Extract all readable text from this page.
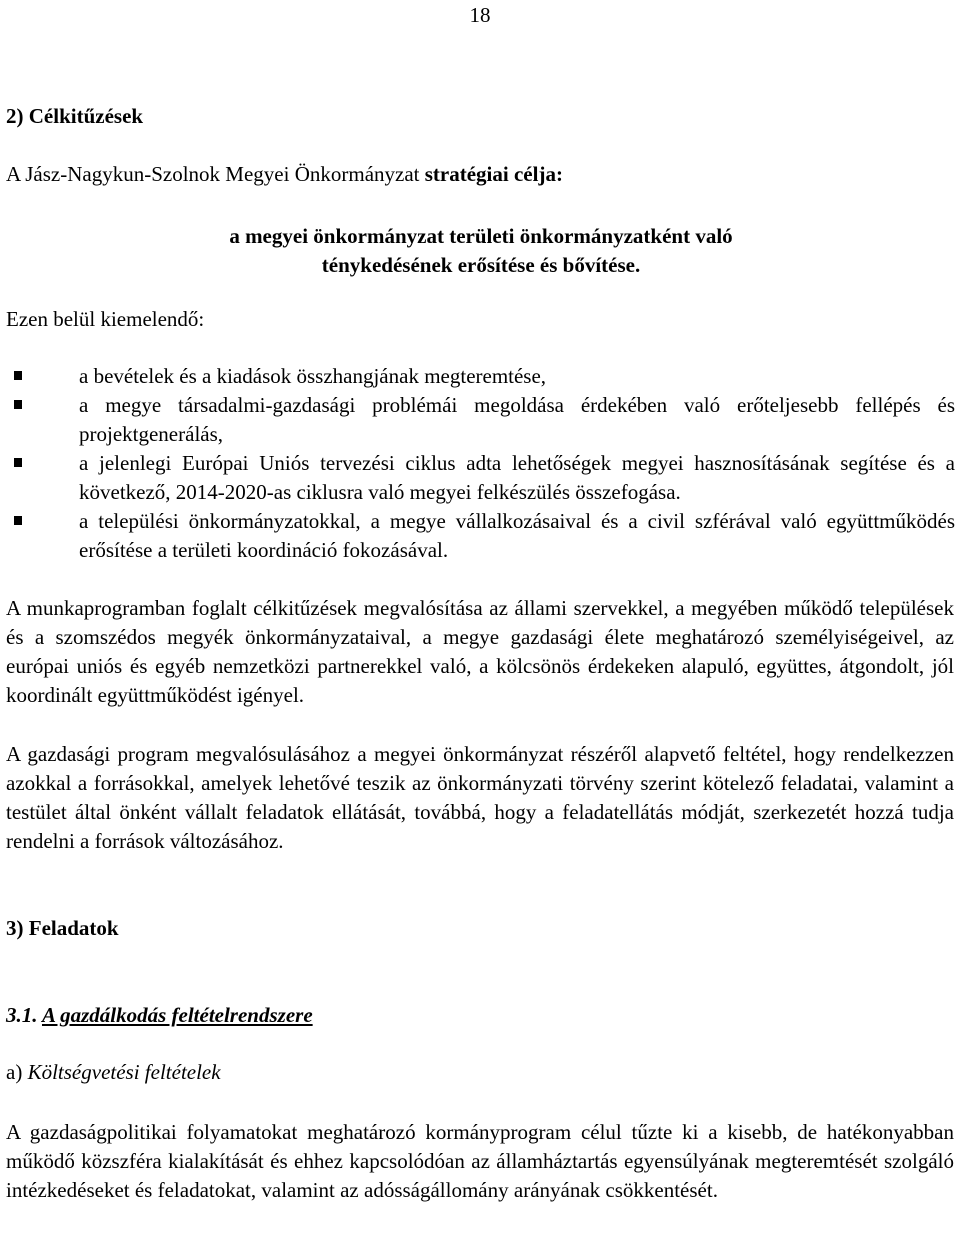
18
2) Célkitűzések

A Jász-Nagykun-Szolnok Megyei Önkormányzat stratégiai célja:

a megyei önkormányzat területi önkormányzatként való
ténykedésének erősítése és bővítése.

Ezen belül kiemelendő:

a bevételek és a kiadások összhangjának megteremtése,
a megye társadalmi-gazdasági problémái megoldása érdekében való erőteljesebb fellépés és projektgenerálás,
a jelenlegi Európai Uniós tervezési ciklus adta lehetőségek megyei hasznosításának segítése és a következő, 2014-2020-as ciklusra való megyei felkészülés összefogása.
a települési önkormányzatokkal, a megye vállalkozásaival és a civil szférával való együttműködés erősítése a területi koordináció fokozásával.

A munkaprogramban foglalt célkitűzések megvalósítása az állami szervekkel, a megyében működő települések és a szomszédos megyék önkormányzataival, a megye gazdasági élete meghatározó személyiségeivel, az európai uniós és egyéb nemzetközi partnerekkel való, a kölcsönös érdekeken alapuló, együttes, átgondolt, jól koordinált együttműködést igényel.

A gazdasági program megvalósulásához a megyei önkormányzat részéről alapvető feltétel, hogy rendelkezzen azokkal a forrásokkal, amelyek lehetővé teszik az önkormányzati törvény szerint kötelező feladatai, valamint a testület által önként vállalt feladatok ellátását, továbbá, hogy a feladatellátás módját, szerkezetét hozzá tudja rendelni a források változásához.

3) Feladatok
3.1. A gazdálkodás feltételrendszere

a) Költségvetési feltételek

A gazdaságpolitikai folyamatokat meghatározó kormányprogram célul tűzte ki a kisebb, de hatékonyabban működő közszféra kialakítását és ehhez kapcsolódóan az államháztartás egyensúlyának megteremtését szolgáló intézkedéseket és feladatokat, valamint az adósságállomány arányának csökkentését.
